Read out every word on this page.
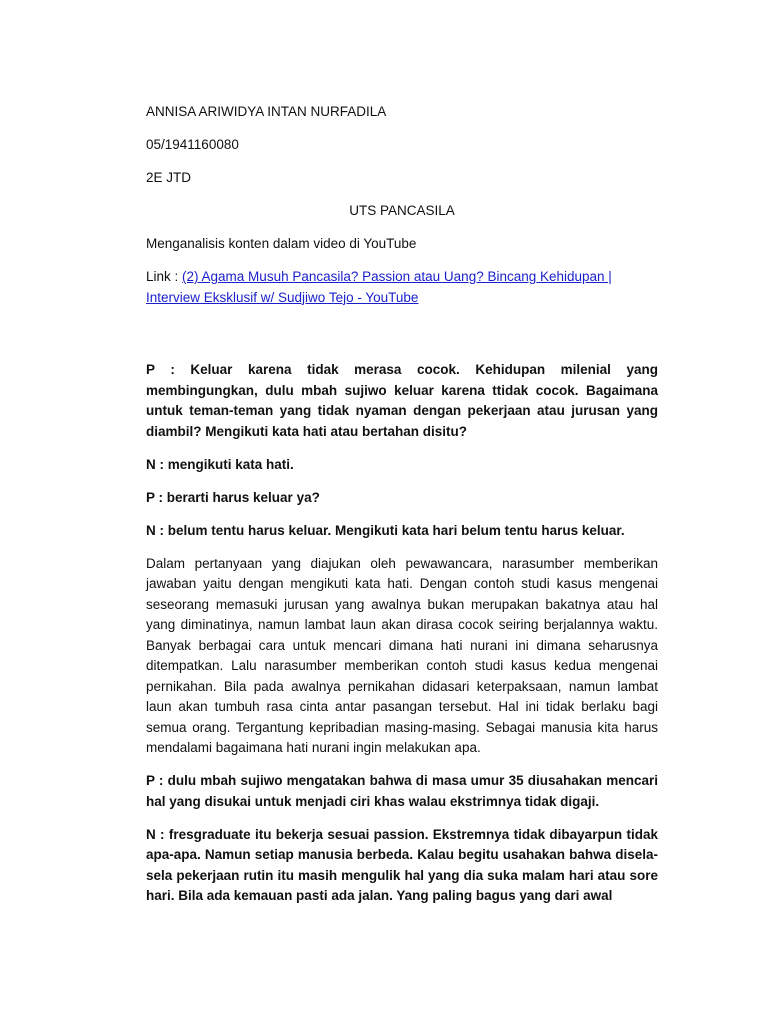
ANNISA ARIWIDYA INTAN NURFADILA
05/1941160080
2E JTD
UTS PANCASILA
Menganalisis konten dalam video di YouTube
Link : (2) Agama Musuh Pancasila? Passion atau Uang? Bincang Kehidupan | Interview Eksklusif w/ Sudjiwo Tejo - YouTube
P : Keluar karena tidak merasa cocok. Kehidupan milenial yang membingungkan, dulu mbah sujiwo keluar karena ttidak cocok. Bagaimana untuk teman-teman yang tidak nyaman dengan pekerjaan atau jurusan yang diambil? Mengikuti kata hati atau bertahan disitu?
N : mengikuti kata hati.
P : berarti harus keluar ya?
N : belum tentu harus keluar. Mengikuti kata hari belum tentu harus keluar.
Dalam pertanyaan yang diajukan oleh pewawancara, narasumber memberikan jawaban yaitu dengan mengikuti kata hati. Dengan contoh studi kasus mengenai seseorang memasuki jurusan yang awalnya bukan merupakan bakatnya atau hal yang diminatinya, namun lambat laun akan dirasa cocok seiring berjalannya waktu. Banyak berbagai cara untuk mencari dimana hati nurani ini dimana seharusnya ditempatkan. Lalu narasumber memberikan contoh studi kasus kedua mengenai pernikahan. Bila pada awalnya pernikahan didasari keterpaksaan, namun lambat laun akan tumbuh rasa cinta antar pasangan tersebut. Hal ini tidak berlaku bagi semua orang. Tergantung kepribadian masing-masing. Sebagai manusia kita harus mendalami bagaimana hati nurani ingin melakukan apa.
P : dulu mbah sujiwo mengatakan bahwa di masa umur 35 diusahakan mencari hal yang disukai untuk menjadi ciri khas walau ekstrimnya tidak digaji.
N : fresgraduate itu bekerja sesuai passion. Ekstremnya tidak dibayarpun tidak apa-apa. Namun setiap manusia berbeda. Kalau begitu usahakan bahwa disela-sela pekerjaan rutin itu masih mengulik hal yang dia suka malam hari atau sore hari. Bila ada kemauan pasti ada jalan. Yang paling bagus yang dari awal
